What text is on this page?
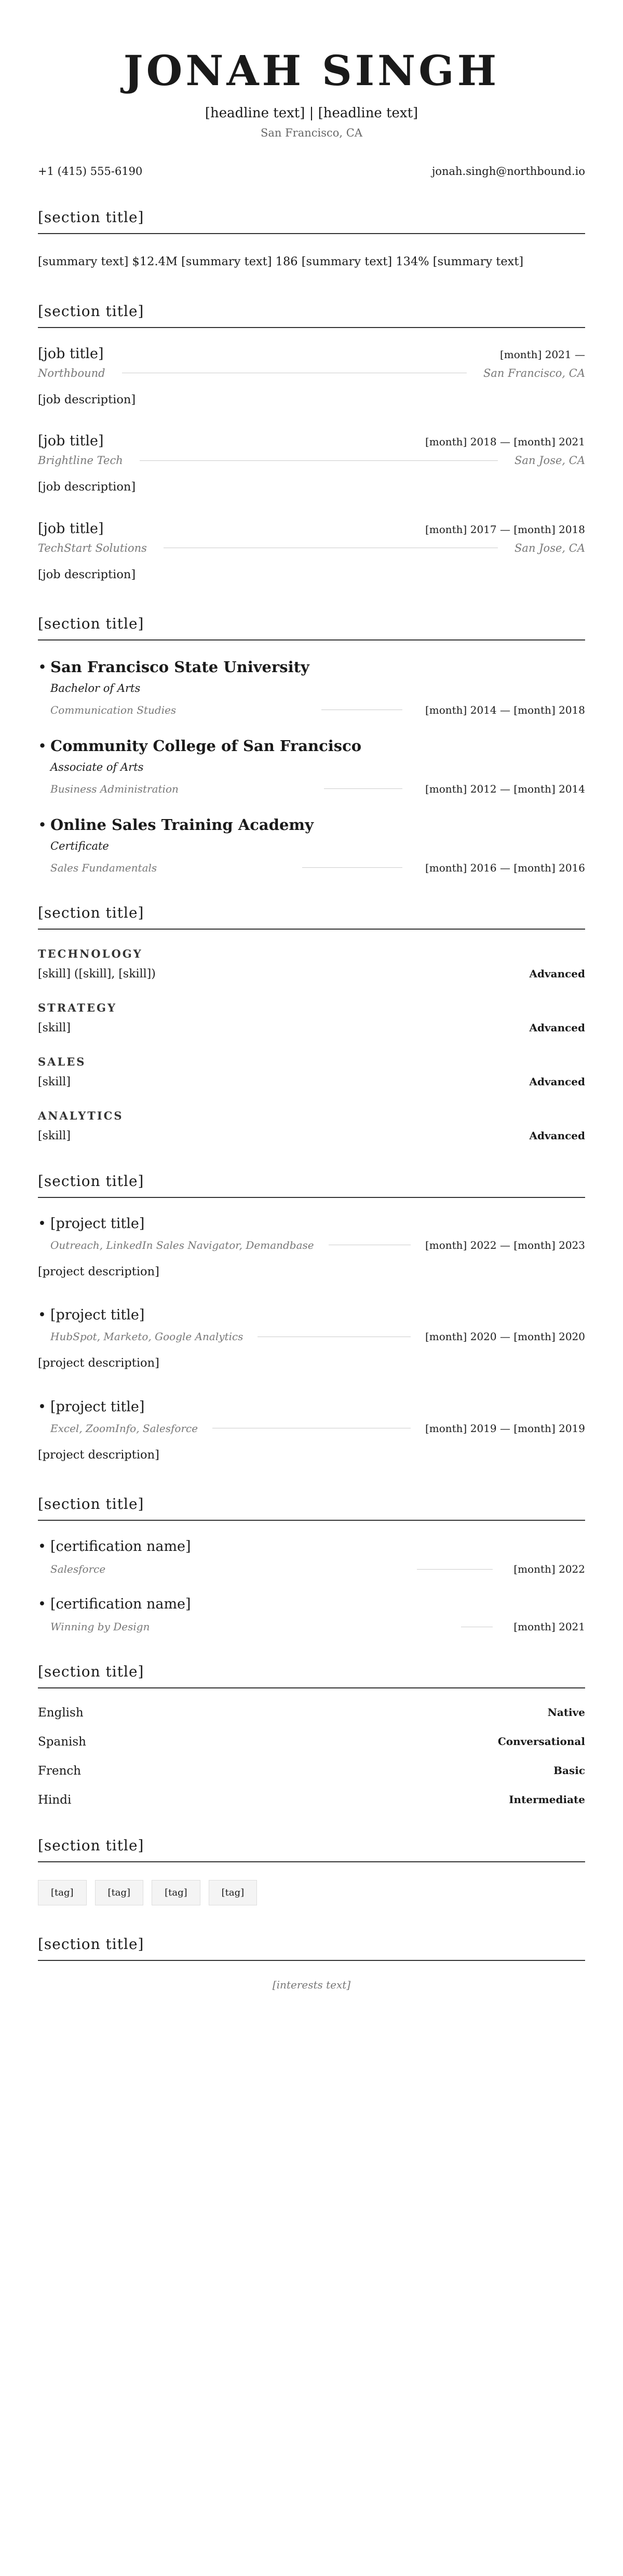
JONAH SINGH
[headline text] | [headline text]
San Francisco, CA
+1 (415) 555-6190	jonah.singh@northbound.io
[section title]

[summary text] $12.4M [summary text] 186 [summary text] 134% [summary text]

[section title]
[job title]	[month] 2021 —
Northbound	San Francisco, CA

[job description]

[job title]	[month] 2018 — [month] 2021
Brightline Tech	San Jose, CA

[job description]

[job title]	[month] 2017 — [month] 2018
TechStart Solutions	San Jose, CA

[job description]

[section title]
• San Francisco State University
Bachelor of Arts
Communication Studies	[month] 2014 — [month] 2018
• Community College of San Francisco
Associate of Arts
Business Administration	[month] 2012 — [month] 2014
• Online Sales Training Academy
Certificate
Sales Fundamentals	[month] 2016 — [month] 2016
[section title]
TECHNOLOGY
[skill] ([skill], [skill])	Advanced
STRATEGY
[skill]	Advanced
SALES
[skill]	Advanced
ANALYTICS
[skill]	Advanced
[section title]
• [project title]
Outreach, LinkedIn Sales Navigator, Demandbase	[month] 2022 — [month] 2023

[project description]

• [project title]
HubSpot, Marketo, Google Analytics	[month] 2020 — [month] 2020

[project description]

• [project title]
Excel, ZoomInfo, Salesforce	[month] 2019 — [month] 2019

[project description]

[section title]
• [certification name]
Salesforce	[month] 2022
• [certification name]
Winning by Design	[month] 2021
[section title]
English	Native
Spanish	Conversational
French	Basic
Hindi	Intermediate
[section title]
[tag]	[tag]	[tag]	[tag]
[section title]
[interests text]
